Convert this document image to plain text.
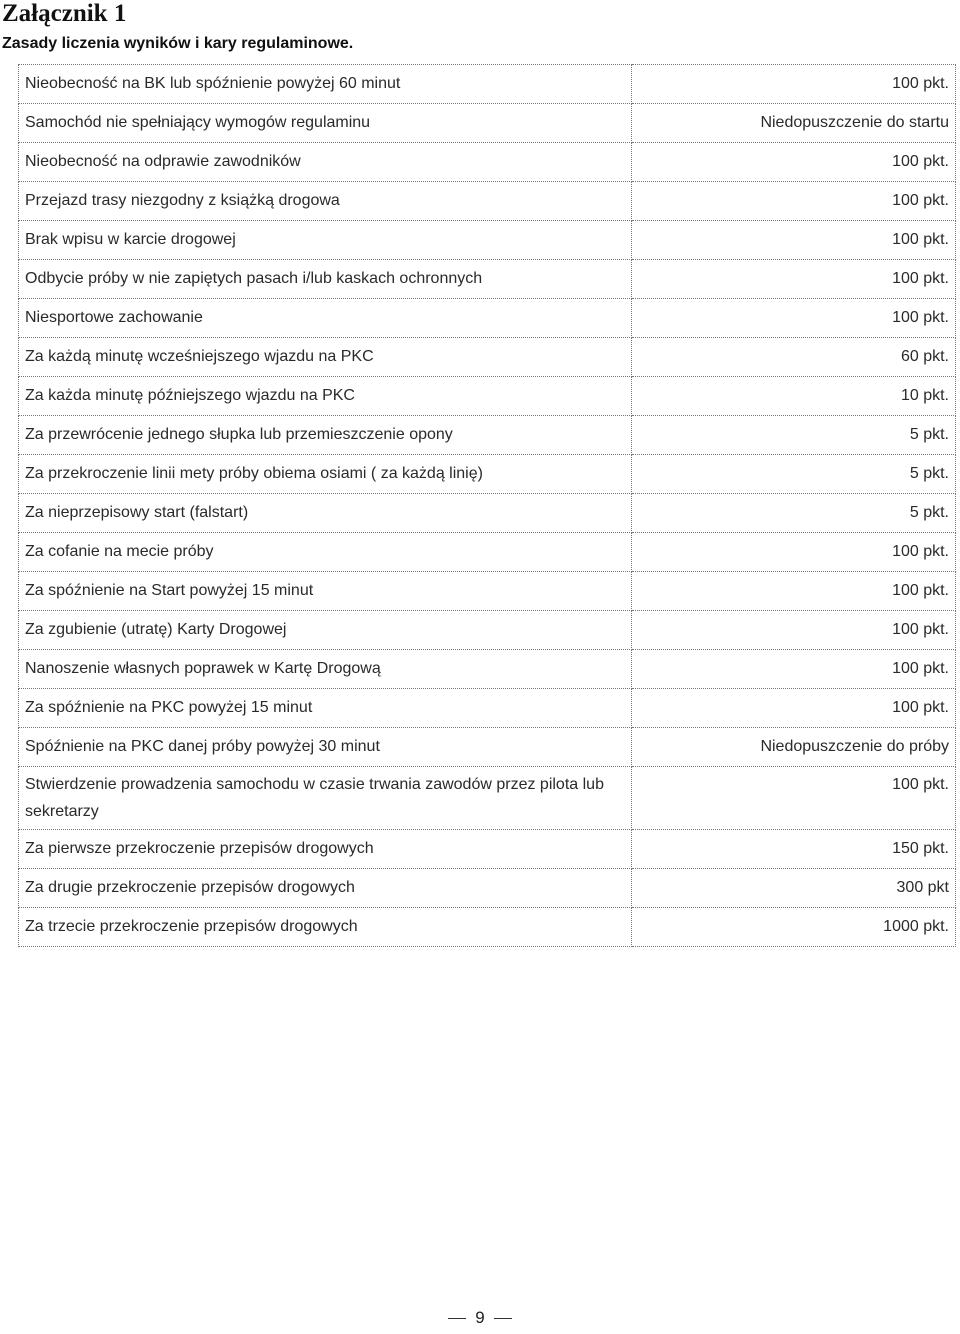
Załącznik 1
Zasady liczenia wyników i kary regulaminowe.
Nieobecność na BK lub spóźnienie powyżej 60 minut	100 pkt.
Samochód nie spełniający wymogów regulaminu	Niedopuszczenie do startu
Nieobecność na odprawie zawodników	100 pkt.
Przejazd trasy niezgodny z książką drogowa	100 pkt.
Brak wpisu w karcie drogowej	100 pkt.
Odbycie próby w nie zapiętych pasach i/lub kaskach ochronnych	100 pkt.
Niesportowe zachowanie	100 pkt.
Za każdą minutę wcześniejszego wjazdu na PKC	60 pkt.
Za każda minutę późniejszego wjazdu na PKC	10 pkt.
Za przewrócenie jednego słupka lub przemieszczenie opony	5 pkt.
Za przekroczenie linii mety próby obiema osiami ( za każdą linię)	5 pkt.
Za nieprzepisowy start (falstart)	5 pkt.
Za cofanie na mecie próby	100 pkt.
Za spóźnienie na Start powyżej 15 minut	100 pkt.
Za zgubienie (utratę) Karty Drogowej	100 pkt.
Nanoszenie własnych poprawek w Kartę Drogową	100 pkt.
Za spóźnienie na PKC powyżej 15 minut	100 pkt.
Spóźnienie na PKC danej próby powyżej 30 minut	Niedopuszczenie do próby
Stwierdzenie prowadzenia samochodu w czasie trwania zawodów przez pilota lub sekretarzy	100 pkt.
Za pierwsze przekroczenie przepisów drogowych	150 pkt.
Za drugie przekroczenie przepisów drogowych	300 pkt
Za trzecie przekroczenie przepisów drogowych	1000 pkt.
9
